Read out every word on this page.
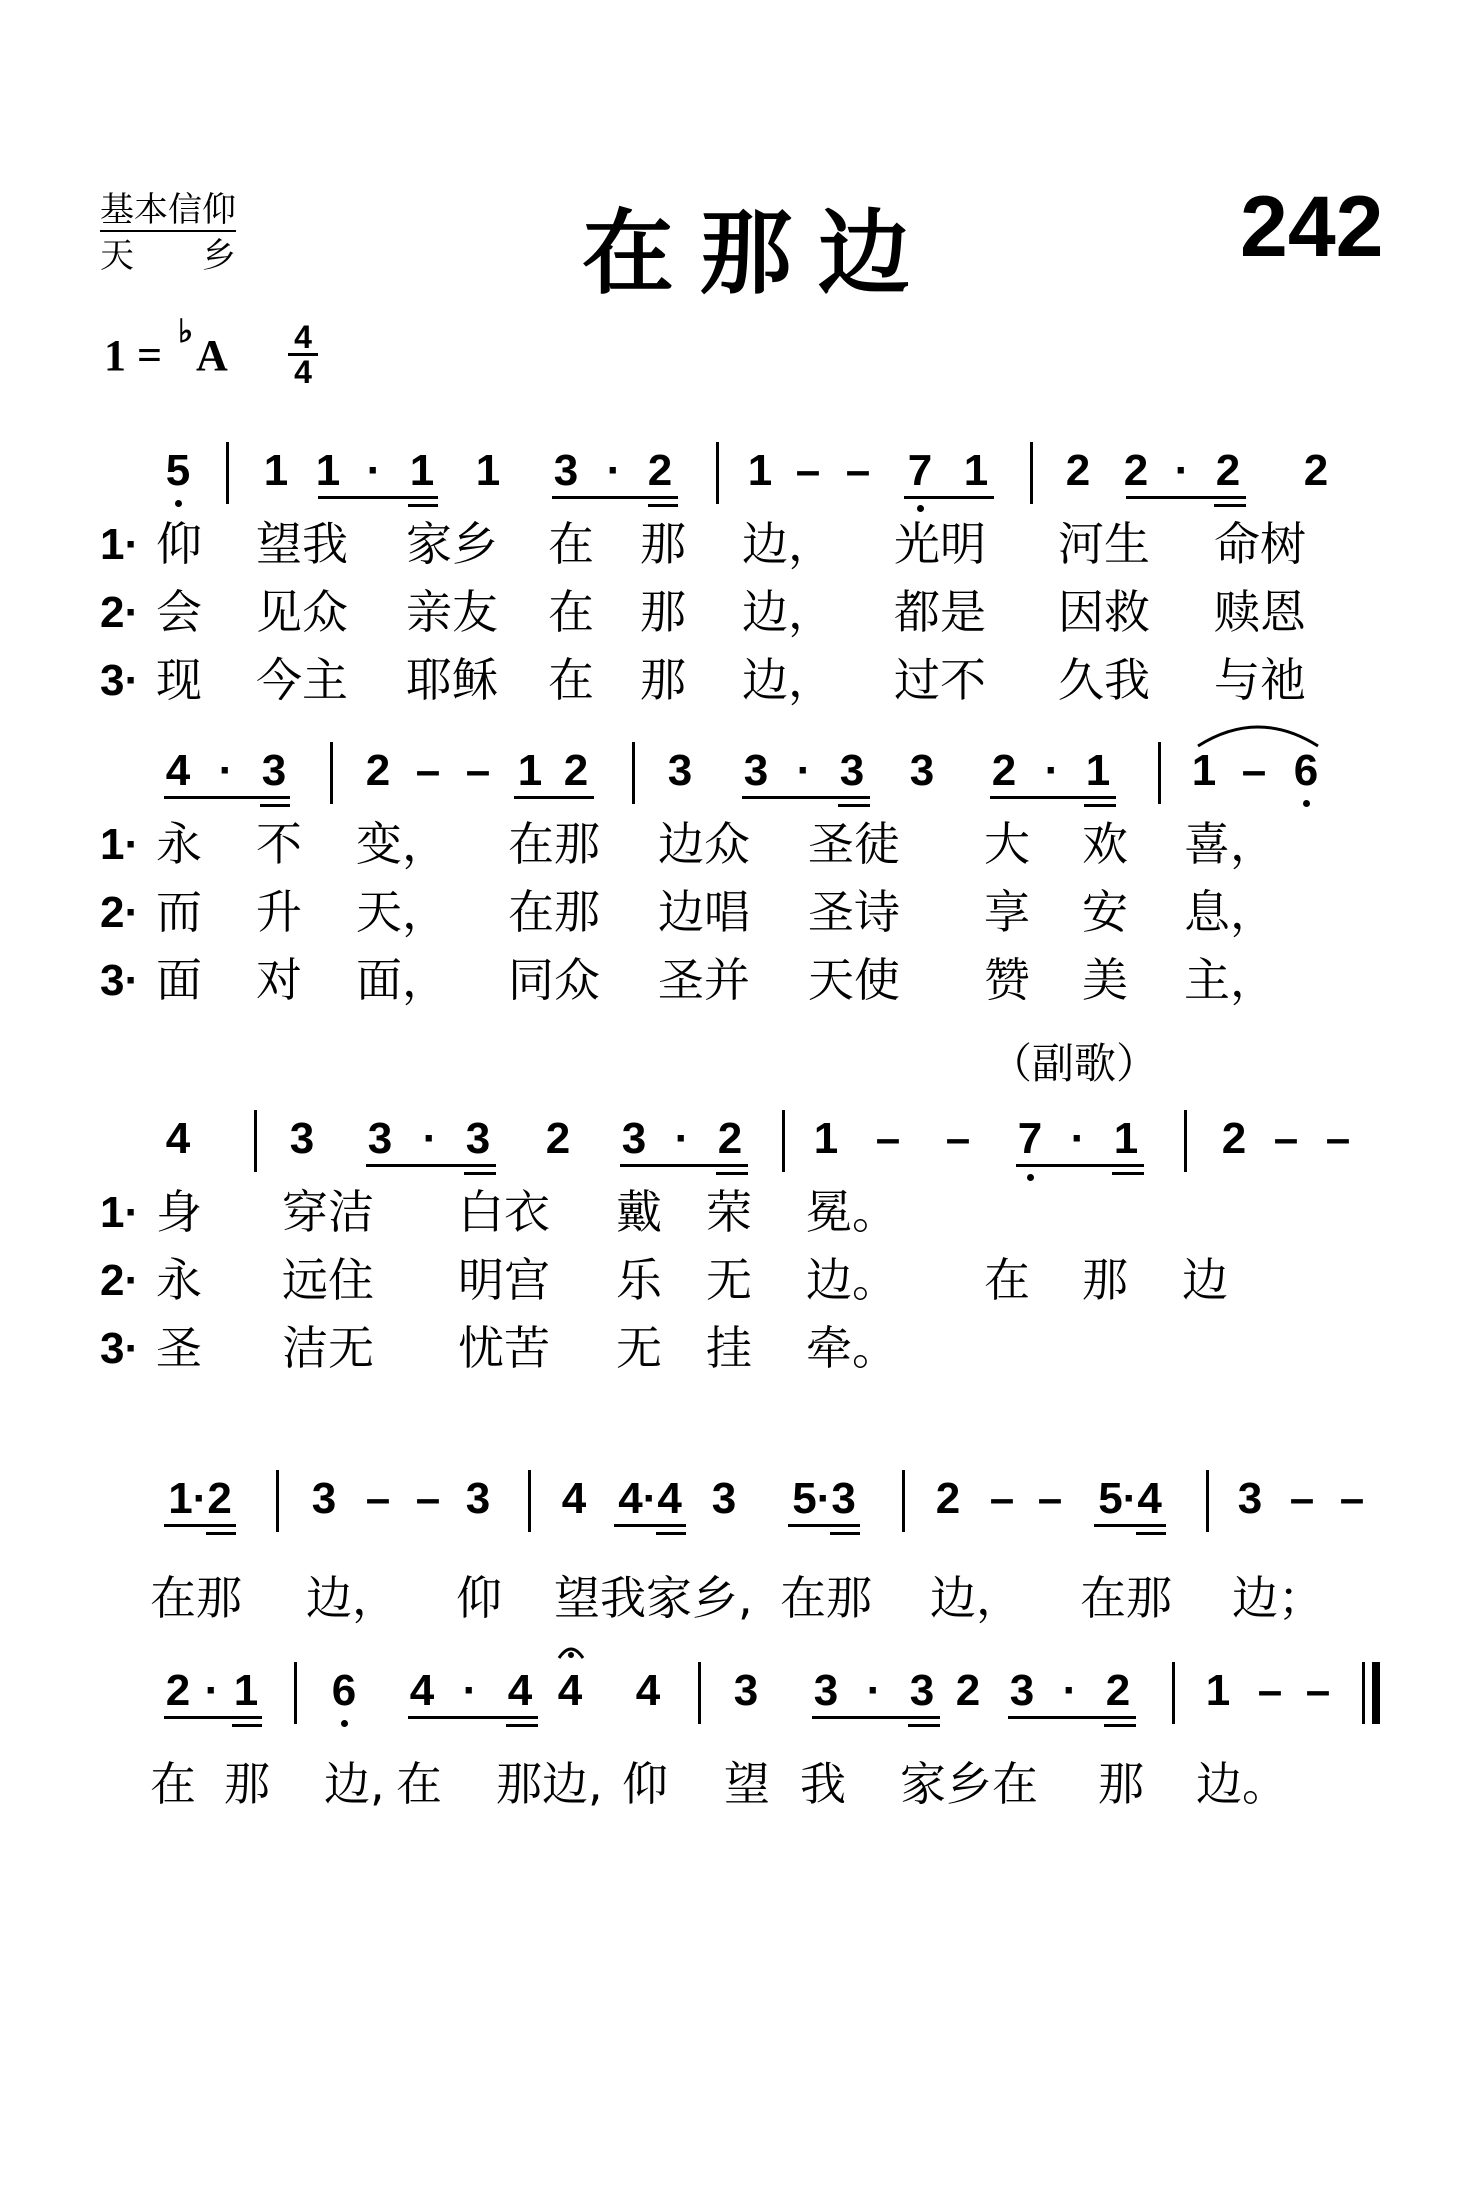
基本信仰
天　　乡	在那边	242
1 = ♭ A 4
4
5 1 1 · 1 1 3 · 2 1 – – 7 1 2 2 · 2 2
1· 仰 望我 家乡 在 那 边， 光明 河生 命树
2· 会 见众 亲友 在 那 边， 都是 因救 赎恩
3· 现 今主 耶稣 在 那 边， 过不 久我 与祂
4 · 3 2 – – 1 2 3 3 · 3 3 2 · 1 1 – 6
1· 永 不 变， 在那 边众 圣徒 大 欢 喜，
2· 而 升 天， 在那 边唱 圣诗 享 安 息，
3· 面 对 面， 同众 圣并 天使 赞 美 主，
（副歌）
4 3 3 · 3 2 3 · 2 1 – – 7 · 1 2 – –
1· 身 穿洁 白衣 戴 荣 冕。
2· 永 远住 明宫 乐 无 边。 在 那 边
3· 圣 洁无 忧苦 无 挂 牵。
1·2 3 – – 3 4 4·4 3 5·3 2 – – 5·4 3 – –
在那 边， 仰 望我家乡, 在那 边， 在那 边；
2 · 1 6 4 · 4 4 4 3 3 · 3 2 3 · 2 1 – –
在 那 边, 在 那边, 仰 望 我 家乡在 那 边。
